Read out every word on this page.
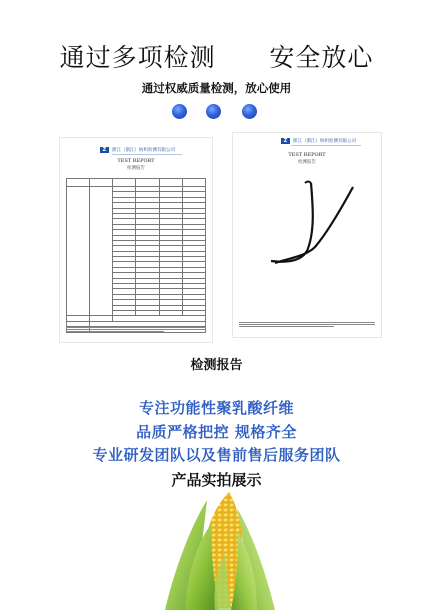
通过多项检测      安全放心
通过权威质量检测，放心使用
Z	浙江（浙江）纺织检测有限公司
TEST REPORT
检测报告

Z	浙江（浙江）纺织检测有限公司
TEST REPORT
检测报告
检测报告
专注功能性聚乳酸纤维
品质严格把控 规格齐全
专业研发团队以及售前售后服务团队
产品实拍展示
